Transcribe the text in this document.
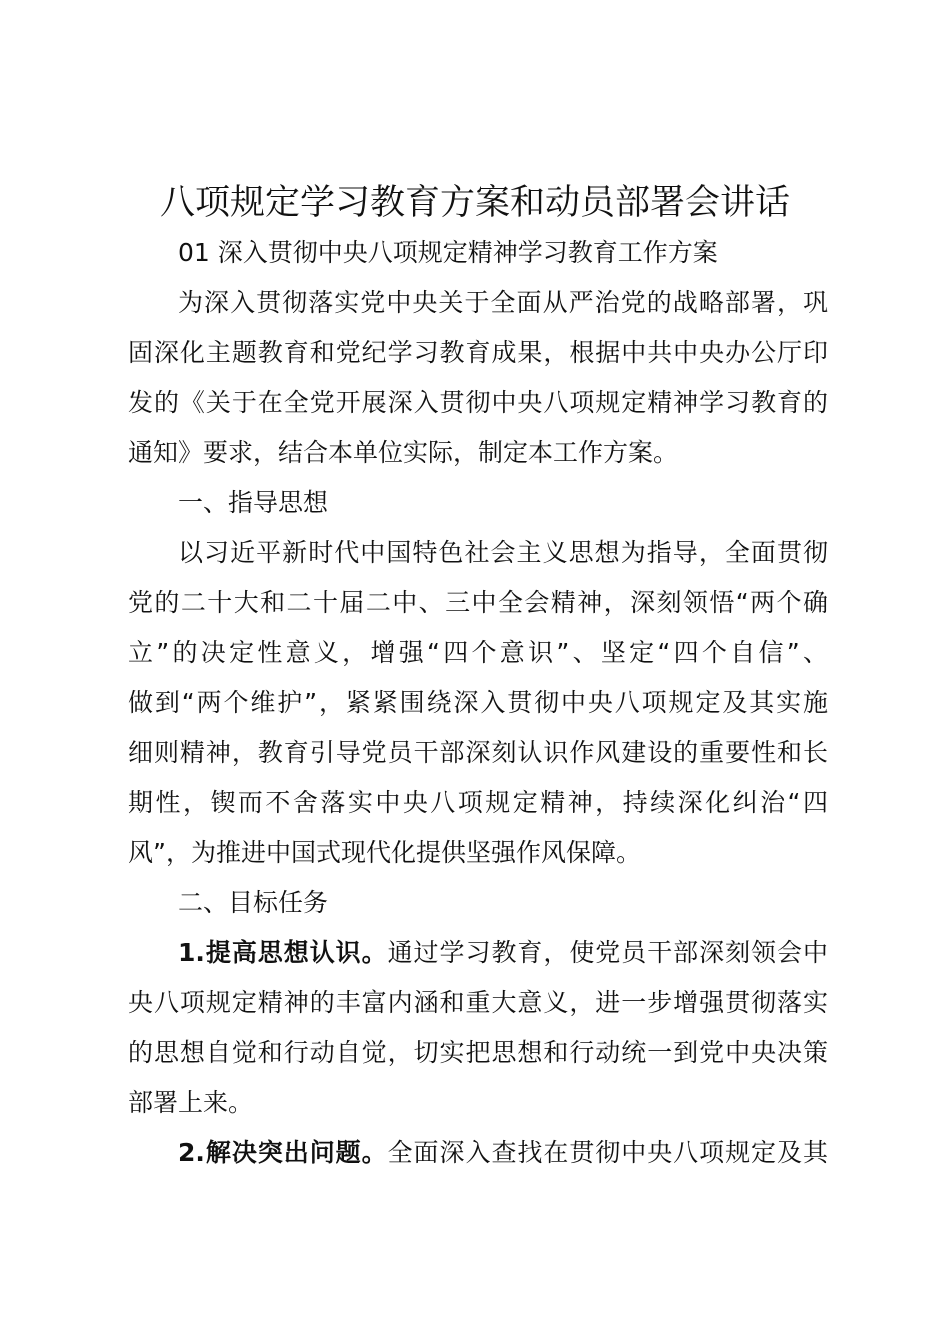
八项规定学习教育方案和动员部署会讲话
01 深入贯彻中央八项规定精神学习教育工作方案
为深入贯彻落实党中央关于全面从严治党的战略部署，巩
固深化主题教育和党纪学习教育成果，根据中共中央办公厅印
发的《关于在全党开展深入贯彻中央八项规定精神学习教育的
通知》要求，结合本单位实际，制定本工作方案。
一、指导思想
以习近平新时代中国特色社会主义思想为指导，全面贯彻
党的二十大和二十届二中、三中全会精神，深刻领悟“两个确
立”的决定性意义，增强“四个意识”、坚定“四个自信”、
做到“两个维护”，紧紧围绕深入贯彻中央八项规定及其实施
细则精神，教育引导党员干部深刻认识作风建设的重要性和长
期性，锲而不舍落实中央八项规定精神，持续深化纠治“四
风”，为推进中国式现代化提供坚强作风保障。
二、目标任务
1.提高思想认识。通过学习教育，使党员干部深刻领会中
央八项规定精神的丰富内涵和重大意义，进一步增强贯彻落实
的思想自觉和行动自觉，切实把思想和行动统一到党中央决策
部署上来。
2.解决突出问题。全面深入查找在贯彻中央八项规定及其
